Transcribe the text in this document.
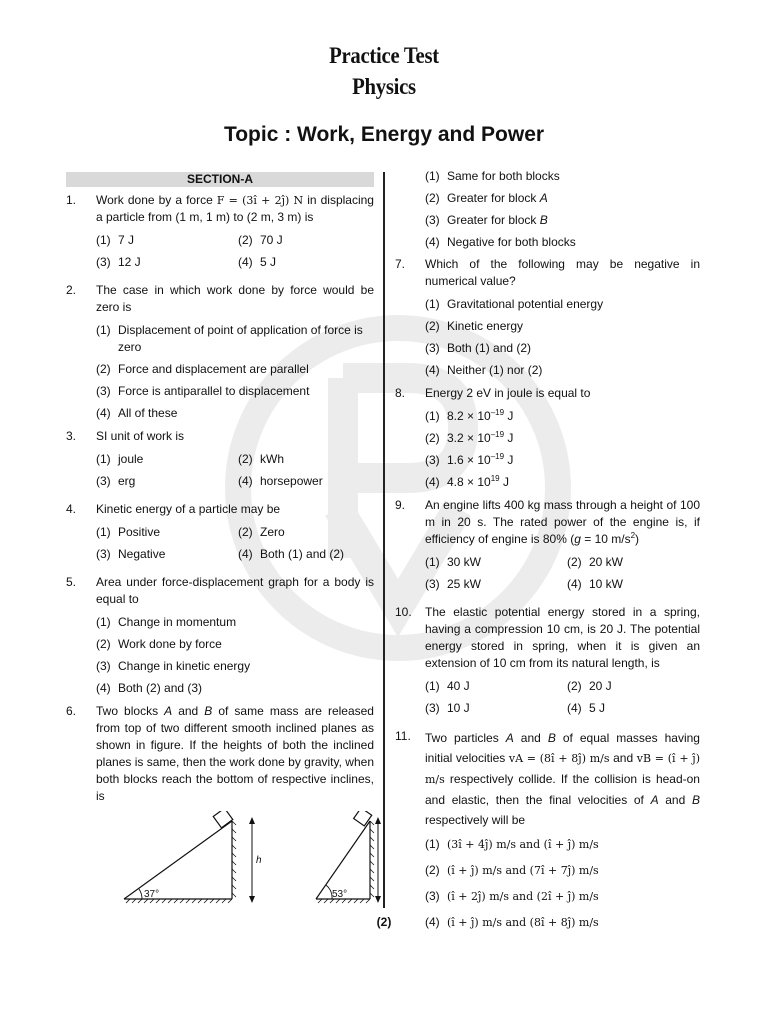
Practice Test
Physics
Topic : Work, Energy and Power
SECTION-A
1.	Work done by a force F = (3î + 2ĵ) N in displacing a particle from (1 m, 1 m) to (2 m, 3 m) is
(1) 7 J	(2) 70 J
(3) 12 J	(4) 5 J
2.	The case in which work done by force would be zero is
(1) Displacement of point of application of force is zero
(2) Force and displacement are parallel
(3) Force is antiparallel to displacement
(4) All of these
3.	SI unit of work is
(1) joule	(2) kWh
(3) erg	(4) horsepower
4.	Kinetic energy of a particle may be
(1) Positive	(2) Zero
(3) Negative	(4) Both (1) and (2)
5.	Area under force-displacement graph for a body is equal to
(1) Change in momentum
(2) Work done by force
(3) Change in kinetic energy
(4) Both (2) and (3)
6.	Two blocks A and B of same mass are released from top of two different smooth inclined planes as shown in figure. If the heights of both the inclined planes is same, then the work done by gravity, when both blocks reach the bottom of respective inclines, is
37°
h
53°
(1) Same for both blocks
(2) Greater for block A
(3) Greater for block B
(4) Negative for both blocks
7.	Which of the following may be negative in numerical value?
(1) Gravitational potential energy
(2) Kinetic energy
(3) Both (1) and (2)
(4) Neither (1) nor (2)
8.	Energy 2 eV in joule is equal to
(1) $8.2 \times 10^{-19}$ J
(2) $3.2 \times 10^{-19}$ J
(3) $1.6 \times 10^{-19}$ J
(4) $4.8 \times 10^{19}$ J
9.	An engine lifts 400 kg mass through a height of 100 m in 20 s. The rated power of the engine is, if efficiency of engine is 80% (g = 10 $m/s^2$)
(1) 30 kW	(2) 20 kW
(3) 25 kW	(4) 10 kW
10.	The elastic potential energy stored in a spring, having a compression 10 cm, is 20 J. The potential energy stored in spring, when it is given an extension of 10 cm from its natural length, is
(1) 40 J	(2) 20 J
(3) 10 J	(4) 5 J
11.	Two particles A and B of equal masses having initial velocities vA = (8î + 8ĵ) m/s and vB = (î + ĵ) m/s respectively collide. If the collision is head-on and elastic, then the final velocities of A and B respectively will be
(1) (3î + 4ĵ) m/s and (î + ĵ) m/s
(2) (î + ĵ) m/s and (7î + 7ĵ) m/s
(3) (î + 2ĵ) m/s and (2î + ĵ) m/s
(4) (î + ĵ) m/s and (8î + 8ĵ) m/s
(2)
